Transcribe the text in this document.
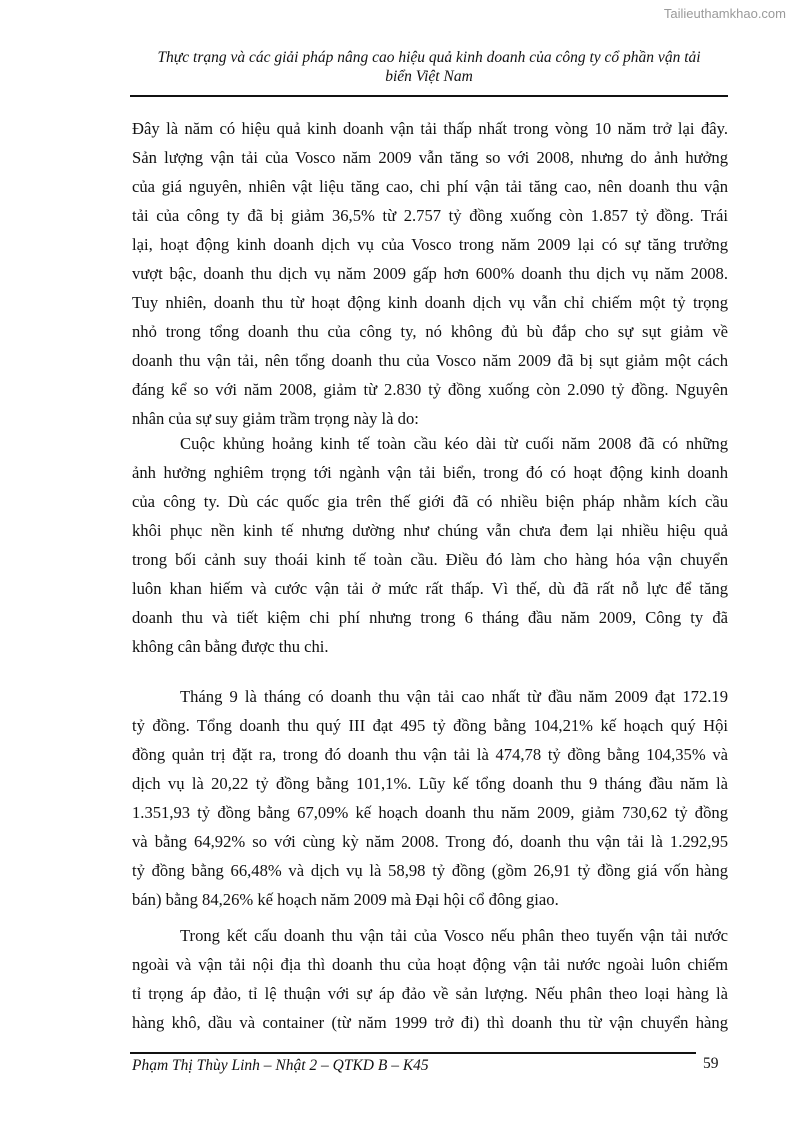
Tailieuthamkhao.com
Thực trạng và các giải pháp nâng cao hiệu quả kinh doanh của công ty cổ phần vận tải
biển Việt Nam

Đây là năm có hiệu quả kinh doanh vận tải thấp nhất trong vòng 10 năm trở lại đây.
Sản lượng vận tải của Vosco năm 2009 vẫn tăng so với 2008, nhưng do ảnh hưởng
của giá nguyên, nhiên vật liệu tăng cao, chi phí vận tải tăng cao, nên doanh thu vận
tải của công ty đã bị giảm 36,5% từ 2.757 tỷ đồng xuống còn 1.857 tỷ đồng. Trái
lại, hoạt động kinh doanh dịch vụ của Vosco trong năm 2009 lại có sự tăng trưởng
vượt bậc, doanh thu dịch vụ năm 2009 gấp hơn 600% doanh thu dịch vụ năm 2008.
Tuy nhiên, doanh thu từ hoạt động kinh doanh dịch vụ vẫn chỉ chiếm một tỷ trọng
nhỏ trong tổng doanh thu của công ty, nó không đủ bù đắp cho sự sụt giảm về
doanh thu vận tải, nên tổng doanh thu của Vosco năm 2009 đã bị sụt giảm một cách
đáng kể so với năm 2008, giảm từ 2.830 tỷ đồng xuống còn 2.090 tỷ đồng. Nguyên
nhân của sự suy giảm trầm trọng này là do:

Cuộc khủng hoảng kinh tế toàn cầu kéo dài từ cuối năm 2008 đã có những
ảnh hưởng nghiêm trọng tới ngành vận tải biển, trong đó có hoạt động kinh doanh
của công ty. Dù các quốc gia trên thế giới đã có nhiều biện pháp nhằm kích cầu
khôi phục nền kinh tế nhưng dường như chúng vẫn chưa đem lại nhiều hiệu quả
trong bối cảnh suy thoái kinh tế toàn cầu. Điều đó làm cho hàng hóa vận chuyển
luôn khan hiếm và cước vận tải ở mức rất thấp. Vì thế, dù đã rất nỗ lực để tăng
doanh thu và tiết kiệm chi phí nhưng trong 6 tháng đầu năm 2009, Công ty đã
không cân bằng được thu chi.

Tháng 9 là tháng có doanh thu vận tải cao nhất từ đầu năm 2009 đạt 172.19
tỷ đồng. Tổng doanh thu quý III đạt 495 tỷ đồng bằng 104,21% kế hoạch quý Hội
đồng quản trị đặt ra, trong đó doanh thu vận tải là 474,78 tỷ đồng bằng 104,35% và
dịch vụ là 20,22 tỷ đồng bằng 101,1%. Lũy kế tổng doanh thu 9 tháng đầu năm là
1.351,93 tỷ đồng bằng 67,09% kế hoạch doanh thu năm 2009, giảm 730,62 tỷ đồng
và bằng 64,92% so với cùng kỳ năm 2008. Trong đó, doanh thu vận tải là 1.292,95
tỷ đồng bằng 66,48% và dịch vụ là 58,98 tỷ đồng (gồm 26,91 tỷ đồng giá vốn hàng
bán) bằng 84,26% kế hoạch năm 2009 mà Đại hội cổ đông giao.

Trong kết cấu doanh thu vận tải của Vosco nếu phân theo tuyến vận tải nước
ngoài và vận tải nội địa thì doanh thu của hoạt động vận tải nước ngoài luôn chiếm
tỉ trọng áp đảo, tỉ lệ thuận với sự áp đảo về sản lượng. Nếu phân theo loại hàng là
hàng khô, dầu và container (từ năm 1999 trở đi) thì doanh thu từ vận chuyển hàng

Phạm Thị Thùy Linh – Nhật 2 – QTKD B – K45	59
